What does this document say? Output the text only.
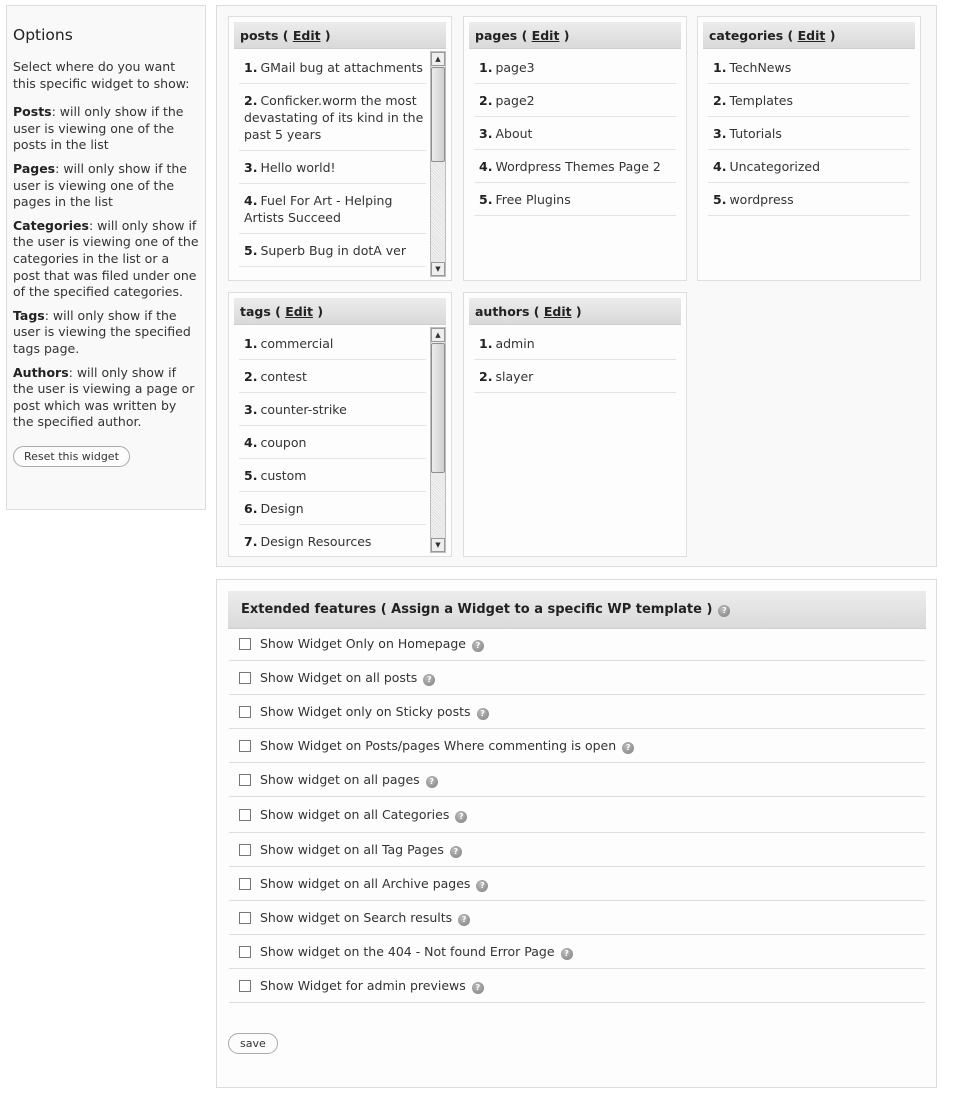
Options

Select where do you want this specific widget to show:

Posts: will only show if the user is viewing one of the posts in the list

Pages: will only show if the user is viewing one of the pages in the list

Categories: will only show if the user is viewing one of the categories in the list or a post that was filed under one of the specified categories.

Tags: will only show if the user is viewing the specified tags page.

Authors: will only show if the user is viewing a page or post which was written by the specified author.

Reset this widget
posts ( Edit )
1. GMail bug at attachments
2. Conficker.worm the most devastating of its kind in the past 5 years
3. Hello world!
4. Fuel For Art - Helping Artists Succeed
5. Superb Bug in dotA ver
▲
▼
pages ( Edit )
1. page3
2. page2
3. About
4. Wordpress Themes Page 2
5. Free Plugins
categories ( Edit )
1. TechNews
2. Templates
3. Tutorials
4. Uncategorized
5. wordpress
tags ( Edit )
1. commercial
2. contest
3. counter-strike
4. coupon
5. custom
6. Design
7. Design Resources
▲
▼
authors ( Edit )
1. admin
2. slayer
Extended features ( Assign a Widget to a specific WP template ) ?
Show Widget Only on Homepage ?
Show Widget on all posts ?
Show Widget only on Sticky posts ?
Show Widget on Posts/pages Where commenting is open ?
Show widget on all pages ?
Show widget on all Categories ?
Show widget on all Tag Pages ?
Show widget on all Archive pages ?
Show widget on Search results ?
Show widget on the 404 - Not found Error Page ?
Show Widget for admin previews ?
save
